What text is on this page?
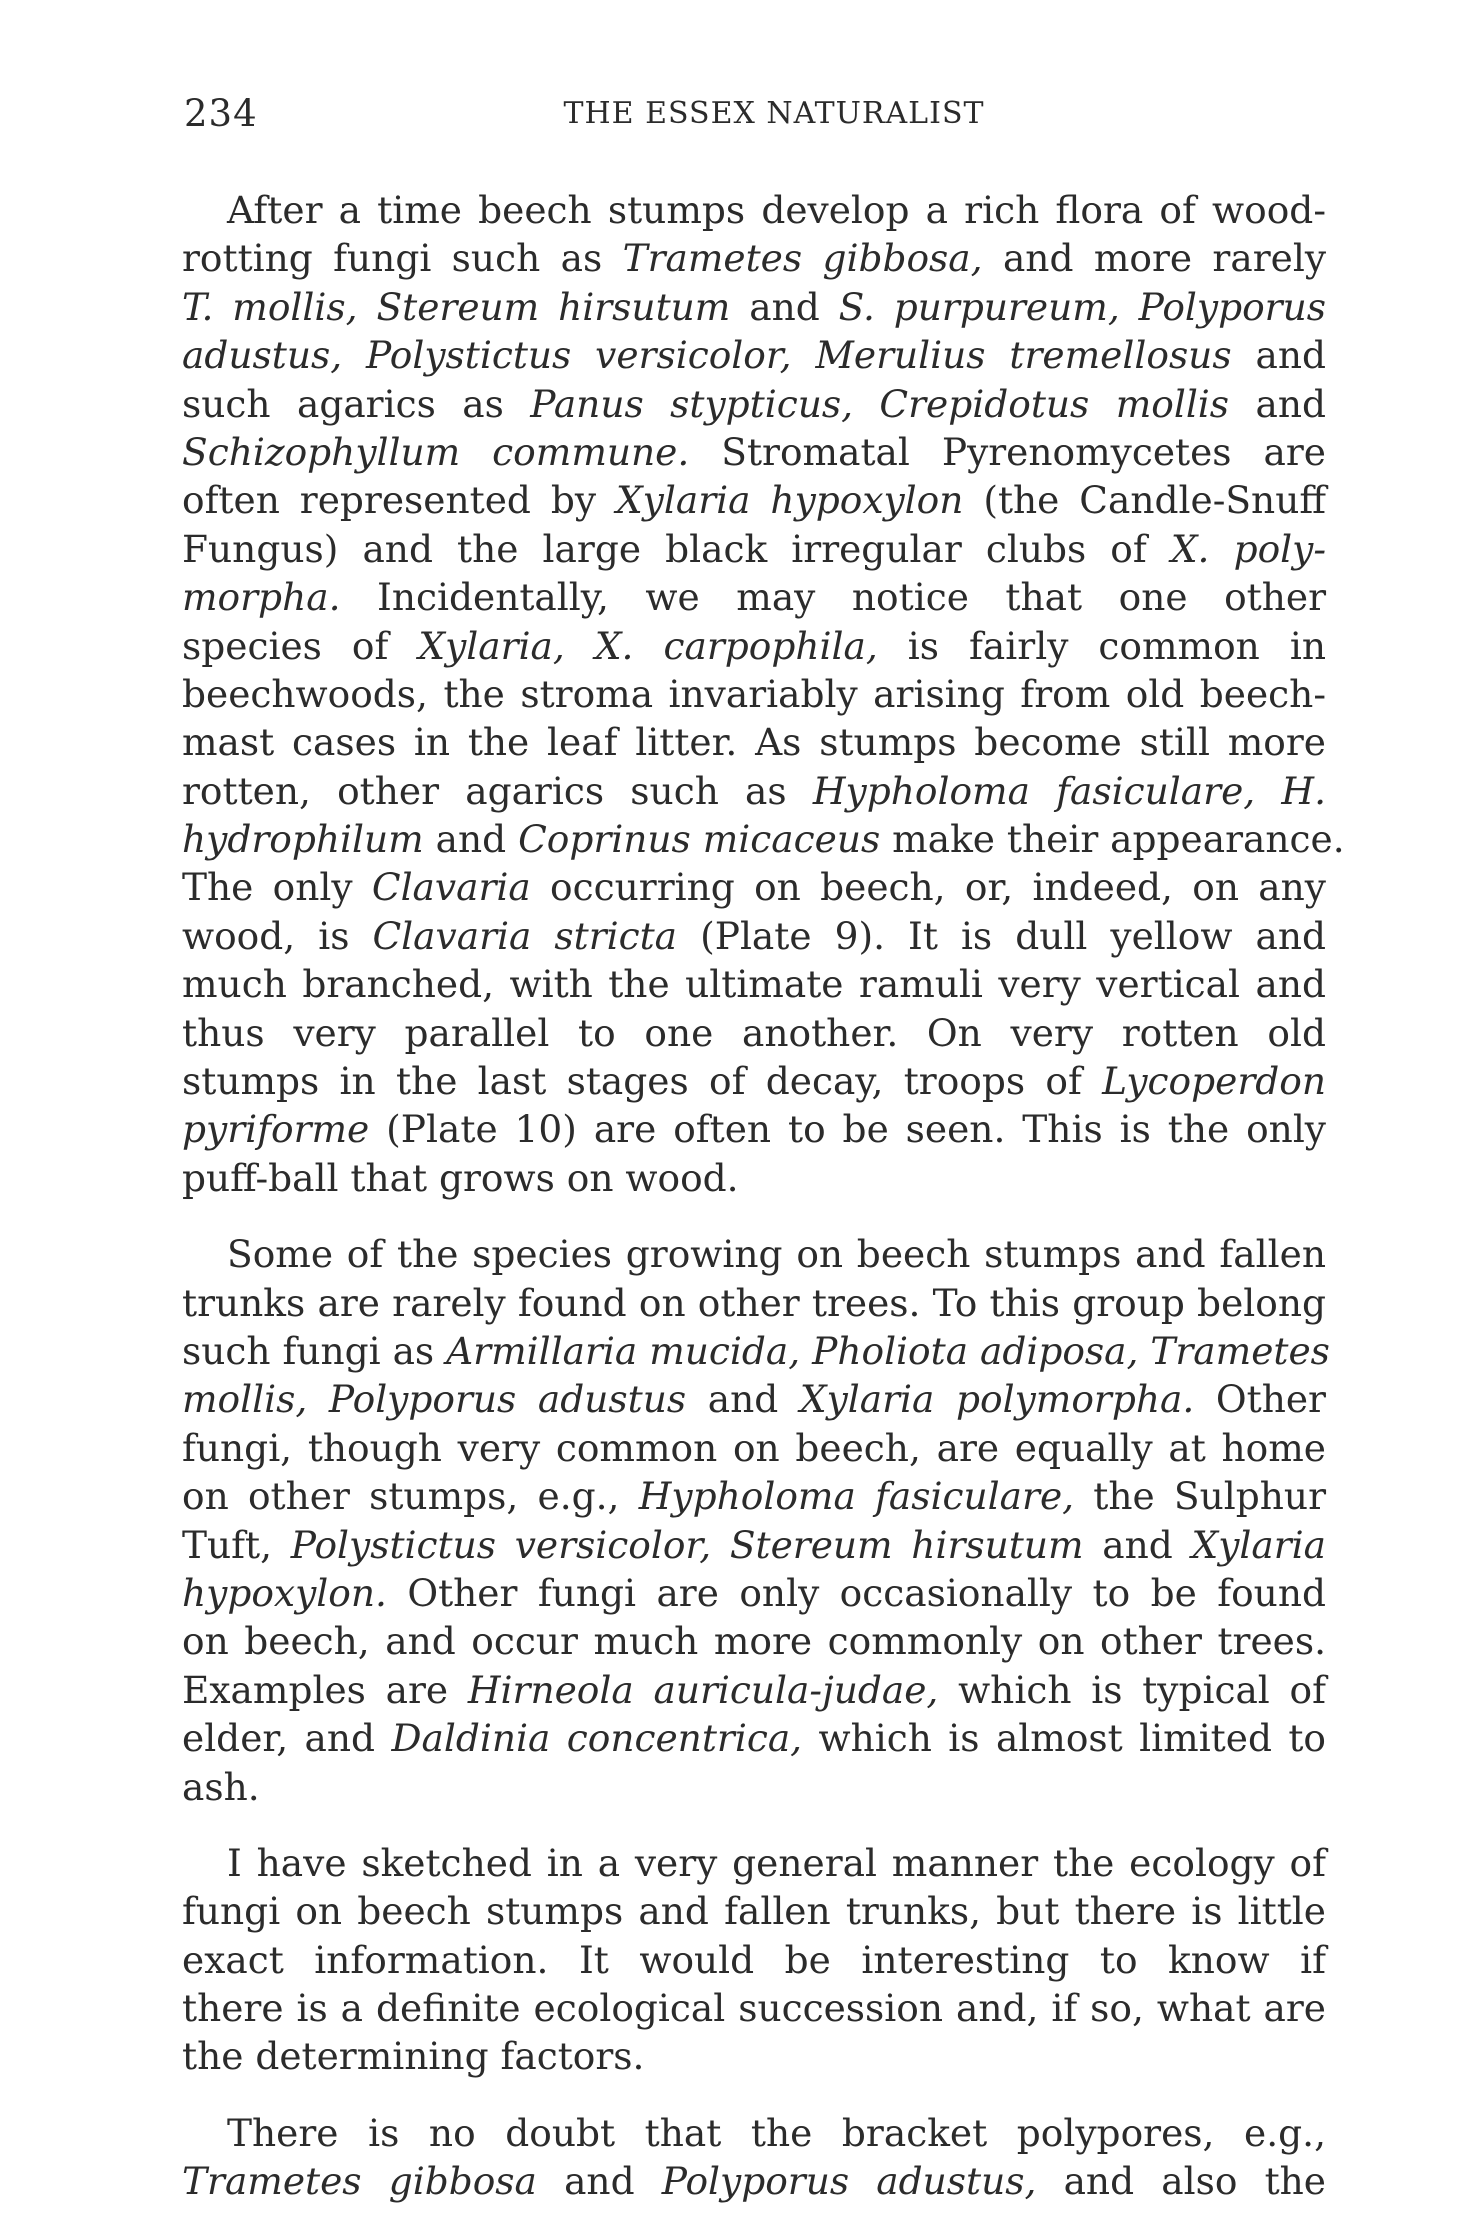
234	THE ESSEX NATURALIST
After a time beech stumps develop a rich flora of wood-
rotting fungi such as Trametes gibbosa, and more rarely
T. mollis, Stereum hirsutum and S. purpureum, Polyporus
adustus, Polystictus versicolor, Merulius tremellosus and
such agarics as Panus stypticus, Crepidotus mollis and
Schizophyllum commune. Stromatal Pyrenomycetes are
often represented by Xylaria hypoxylon (the Candle-Snuff
Fungus) and the large black irregular clubs of X. poly-
morpha. Incidentally, we may notice that one other
species of Xylaria, X. carpophila, is fairly common in
beechwoods, the stroma invariably arising from old beech-
mast cases in the leaf litter. As stumps become still more
rotten, other agarics such as Hypholoma fasiculare, H.
hydrophilum and Coprinus micaceus make their appearance.
The only Clavaria occurring on beech, or, indeed, on any
wood, is Clavaria stricta (Plate 9). It is dull yellow and
much branched, with the ultimate ramuli very vertical and
thus very parallel to one another. On very rotten old
stumps in the last stages of decay, troops of Lycoperdon
pyriforme (Plate 10) are often to be seen. This is the only
puff-ball that grows on wood.
Some of the species growing on beech stumps and fallen
trunks are rarely found on other trees. To this group belong
such fungi as Armillaria mucida, Pholiota adiposa, Trametes
mollis, Polyporus adustus and Xylaria polymorpha. Other
fungi, though very common on beech, are equally at home
on other stumps, e.g., Hypholoma fasiculare, the Sulphur
Tuft, Polystictus versicolor, Stereum hirsutum and Xylaria
hypoxylon. Other fungi are only occasionally to be found
on beech, and occur much more commonly on other trees.
Examples are Hirneola auricula-judae, which is typical of
elder, and Daldinia concentrica, which is almost limited to
ash.
I have sketched in a very general manner the ecology of
fungi on beech stumps and fallen trunks, but there is little
exact information. It would be interesting to know if
there is a definite ecological succession and, if so, what are
the determining factors.
There is no doubt that the bracket polypores, e.g.,
Trametes gibbosa and Polyporus adustus, and also the
